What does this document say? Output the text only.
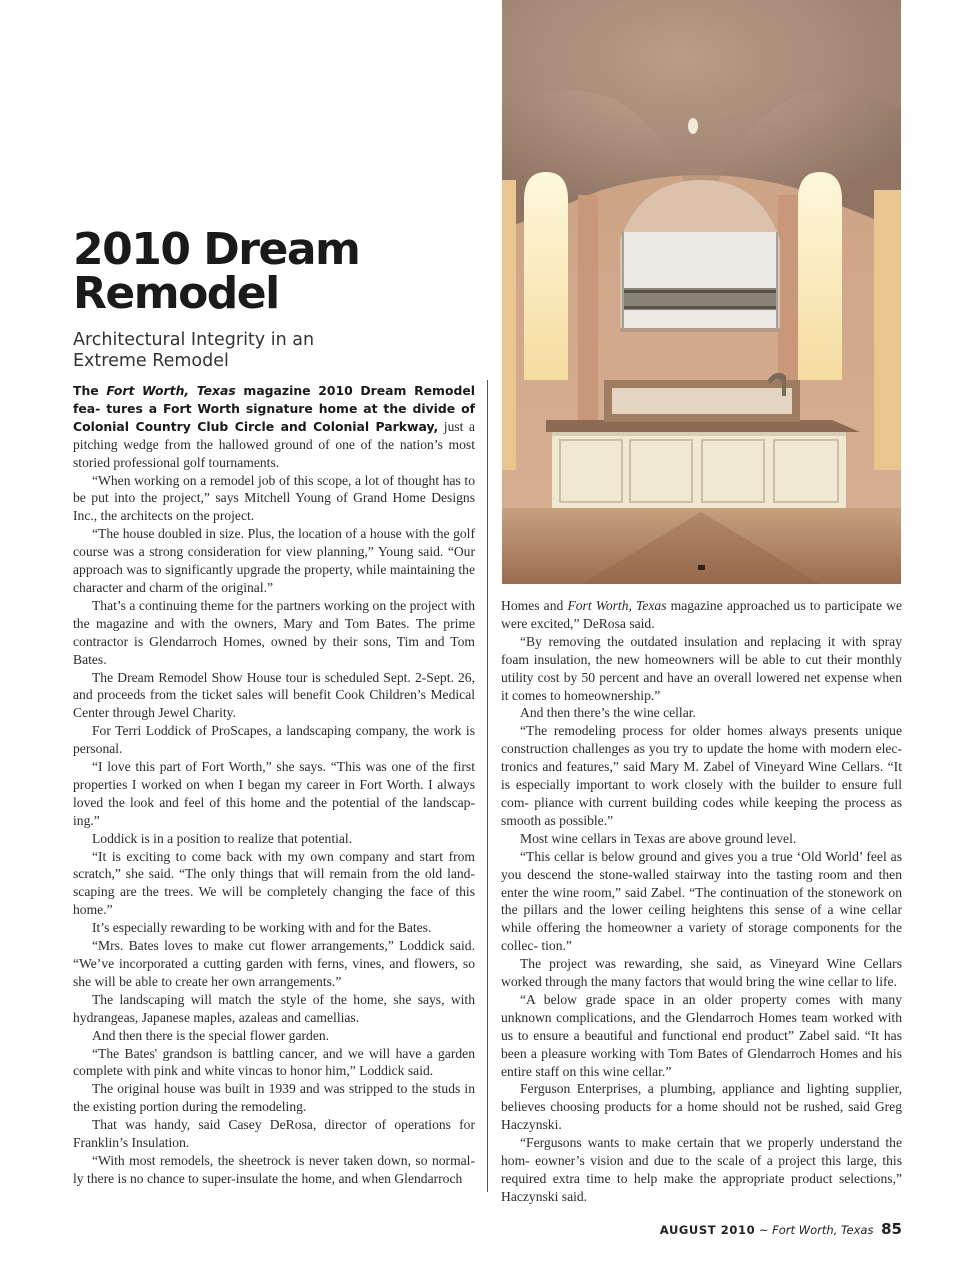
2010 Dream
Remodel
Architectural Integrity in an
Extreme Remodel

The Fort Worth, Texas magazine 2010 Dream Remodel fea- tures a Fort Worth signature home at the divide of Colonial Country Club Circle and Colonial Parkway, just a pitching wedge from the hallowed ground of one of the nation’s most storied professional golf tournaments.

“When working on a remodel job of this scope, a lot of thought has to be put into the project,” says Mitchell Young of Grand Home Designs Inc., the architects on the project.

“The house doubled in size. Plus, the location of a house with the golf course was a strong consideration for view planning,” Young said. “Our approach was to significantly upgrade the property, while maintaining the character and charm of the original.”

That’s a continuing theme for the partners working on the project with the magazine and with the owners, Mary and Tom Bates. The prime contractor is Glendarroch Homes, owned by their sons, Tim and Tom Bates.

The Dream Remodel Show House tour is scheduled Sept. 2-Sept. 26, and proceeds from the ticket sales will benefit Cook Children’s Medical Center through Jewel Charity.

For Terri Loddick of ProScapes, a landscaping company, the work is personal.

“I love this part of Fort Worth,” she says. “This was one of the first properties I worked on when I began my career in Fort Worth. I always loved the look and feel of this home and the potential of the landscap- ing.”

Loddick is in a position to realize that potential.

“It is exciting to come back with my own company and start from scratch,” she said. “The only things that will remain from the old land- scaping are the trees. We will be completely changing the face of this home.”

It’s especially rewarding to be working with and for the Bates.

“Mrs. Bates loves to make cut flower arrangements,” Loddick said. “We’ve incorporated a cutting garden with ferns, vines, and flowers, so she will be able to create her own arrangements.”

The landscaping will match the style of the home, she says, with hydrangeas, Japanese maples, azaleas and camellias.

And then there is the special flower garden.

“The Bates' grandson is battling cancer, and we will have a garden complete with pink and white vincas to honor him,” Loddick said.

The original house was built in 1939 and was stripped to the studs in the existing portion during the remodeling.

That was handy, said Casey DeRosa, director of operations for Franklin’s Insulation.

“With most remodels, the sheetrock is never taken down, so normal- ly there is no chance to super-insulate the home, and when Glendarroch

Homes and Fort Worth, Texas magazine approached us to participate we were excited,” DeRosa said.

“By removing the outdated insulation and replacing it with spray foam insulation, the new homeowners will be able to cut their monthly utility cost by 50 percent and have an overall lowered net expense when it comes to homeownership.”

And then there’s the wine cellar.

“The remodeling process for older homes always presents unique construction challenges as you try to update the home with modern elec- tronics and features,” said Mary M. Zabel of Vineyard Wine Cellars. “It is especially important to work closely with the builder to ensure full com- pliance with current building codes while keeping the process as smooth as possible.”

Most wine cellars in Texas are above ground level.

“This cellar is below ground and gives you a true ‘Old World’ feel as you descend the stone-walled stairway into the tasting room and then enter the wine room,” said Zabel. “The continuation of the stonework on the pillars and the lower ceiling heightens this sense of a wine cellar while offering the homeowner a variety of storage components for the collec- tion.”

The project was rewarding, she said, as Vineyard Wine Cellars worked through the many factors that would bring the wine cellar to life.

“A below grade space in an older property comes with many unknown complications, and the Glendarroch Homes team worked with us to ensure a beautiful and functional end product” Zabel said. “It has been a pleasure working with Tom Bates of Glendarroch Homes and his entire staff on this wine cellar.”

Ferguson Enterprises, a plumbing, appliance and lighting supplier, believes choosing products for a home should not be rushed, said Greg Haczynski.

“Fergusons wants to make certain that we properly understand the hom- eowner’s vision and due to the scale of a project this large, this required extra time to help make the appropriate product selections,” Haczynski said.

AUGUST 2010 ~ Fort Worth, Texas 85
